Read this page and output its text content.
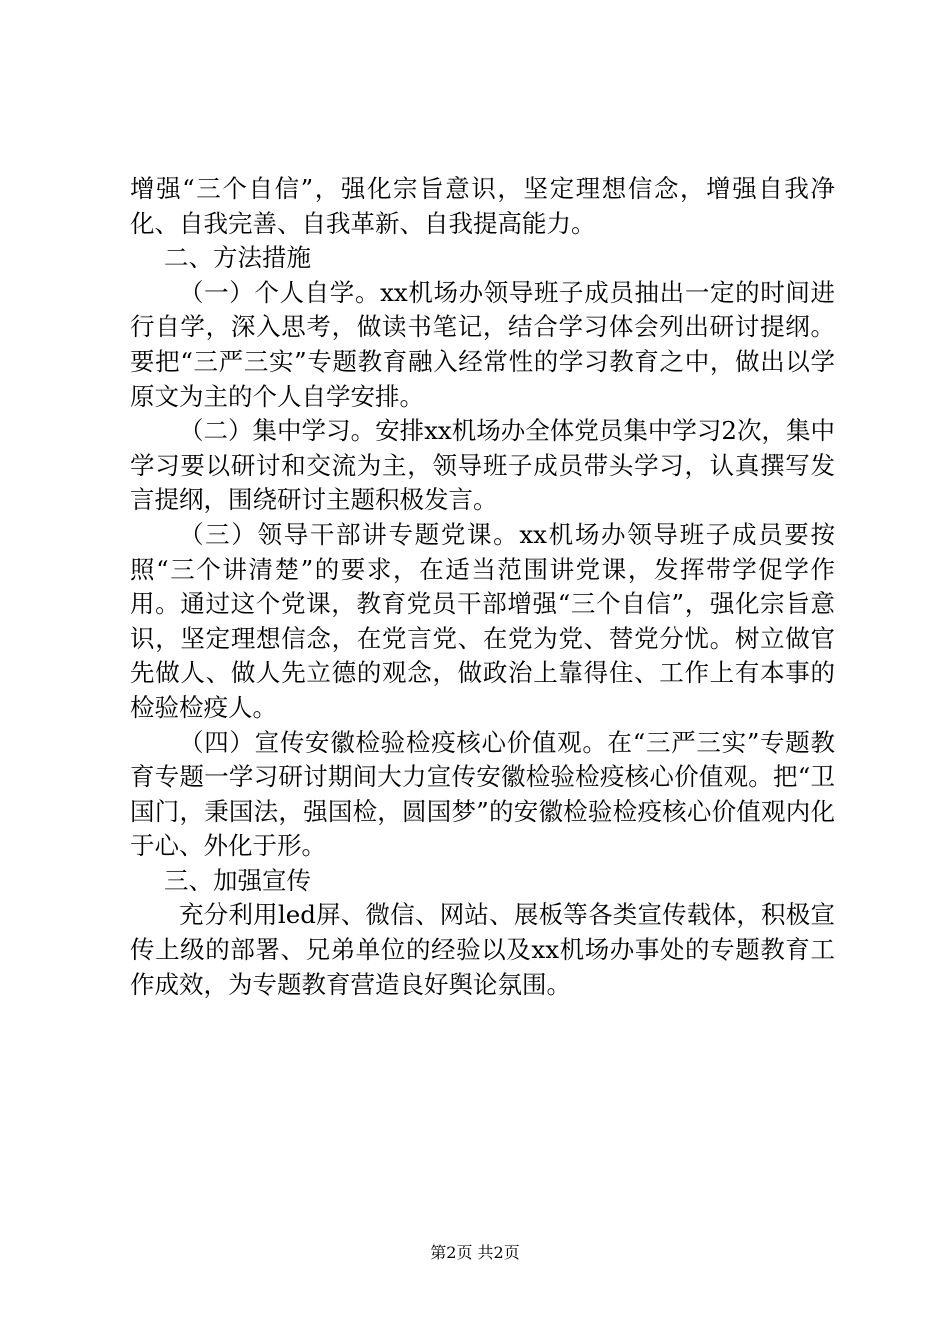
增强“三个自信”，强化宗旨意识，坚定理想信念，增强自我净化、自我完善、自我革新、自我提高能力。

二、方法措施

（一）个人自学。xx机场办领导班子成员抽出一定的时间进行自学，深入思考，做读书笔记，结合学习体会列出研讨提纲。要把“三严三实”专题教育融入经常性的学习教育之中，做出以学原文为主的个人自学安排。

（二）集中学习。安排xx机场办全体党员集中学习2次，集中学习要以研讨和交流为主，领导班子成员带头学习，认真撰写发言提纲，围绕研讨主题积极发言。

（三）领导干部讲专题党课。xx机场办领导班子成员要按照“三个讲清楚”的要求，在适当范围讲党课，发挥带学促学作用。通过这个党课，教育党员干部增强“三个自信”，强化宗旨意识，坚定理想信念，在党言党、在党为党、替党分忧。树立做官先做人、做人先立德的观念，做政治上靠得住、工作上有本事的检验检疫人。

（四）宣传安徽检验检疫核心价值观。在“三严三实”专题教育专题一学习研讨期间大力宣传安徽检验检疫核心价值观。把“卫国门，秉国法，强国检，圆国梦”的安徽检验检疫核心价值观内化于心、外化于形。

三、加强宣传

充分利用led屏、微信、网站、展板等各类宣传载体，积极宣传上级的部署、兄弟单位的经验以及xx机场办事处的专题教育工作成效，为专题教育营造良好舆论氛围。

第2页 共2页
